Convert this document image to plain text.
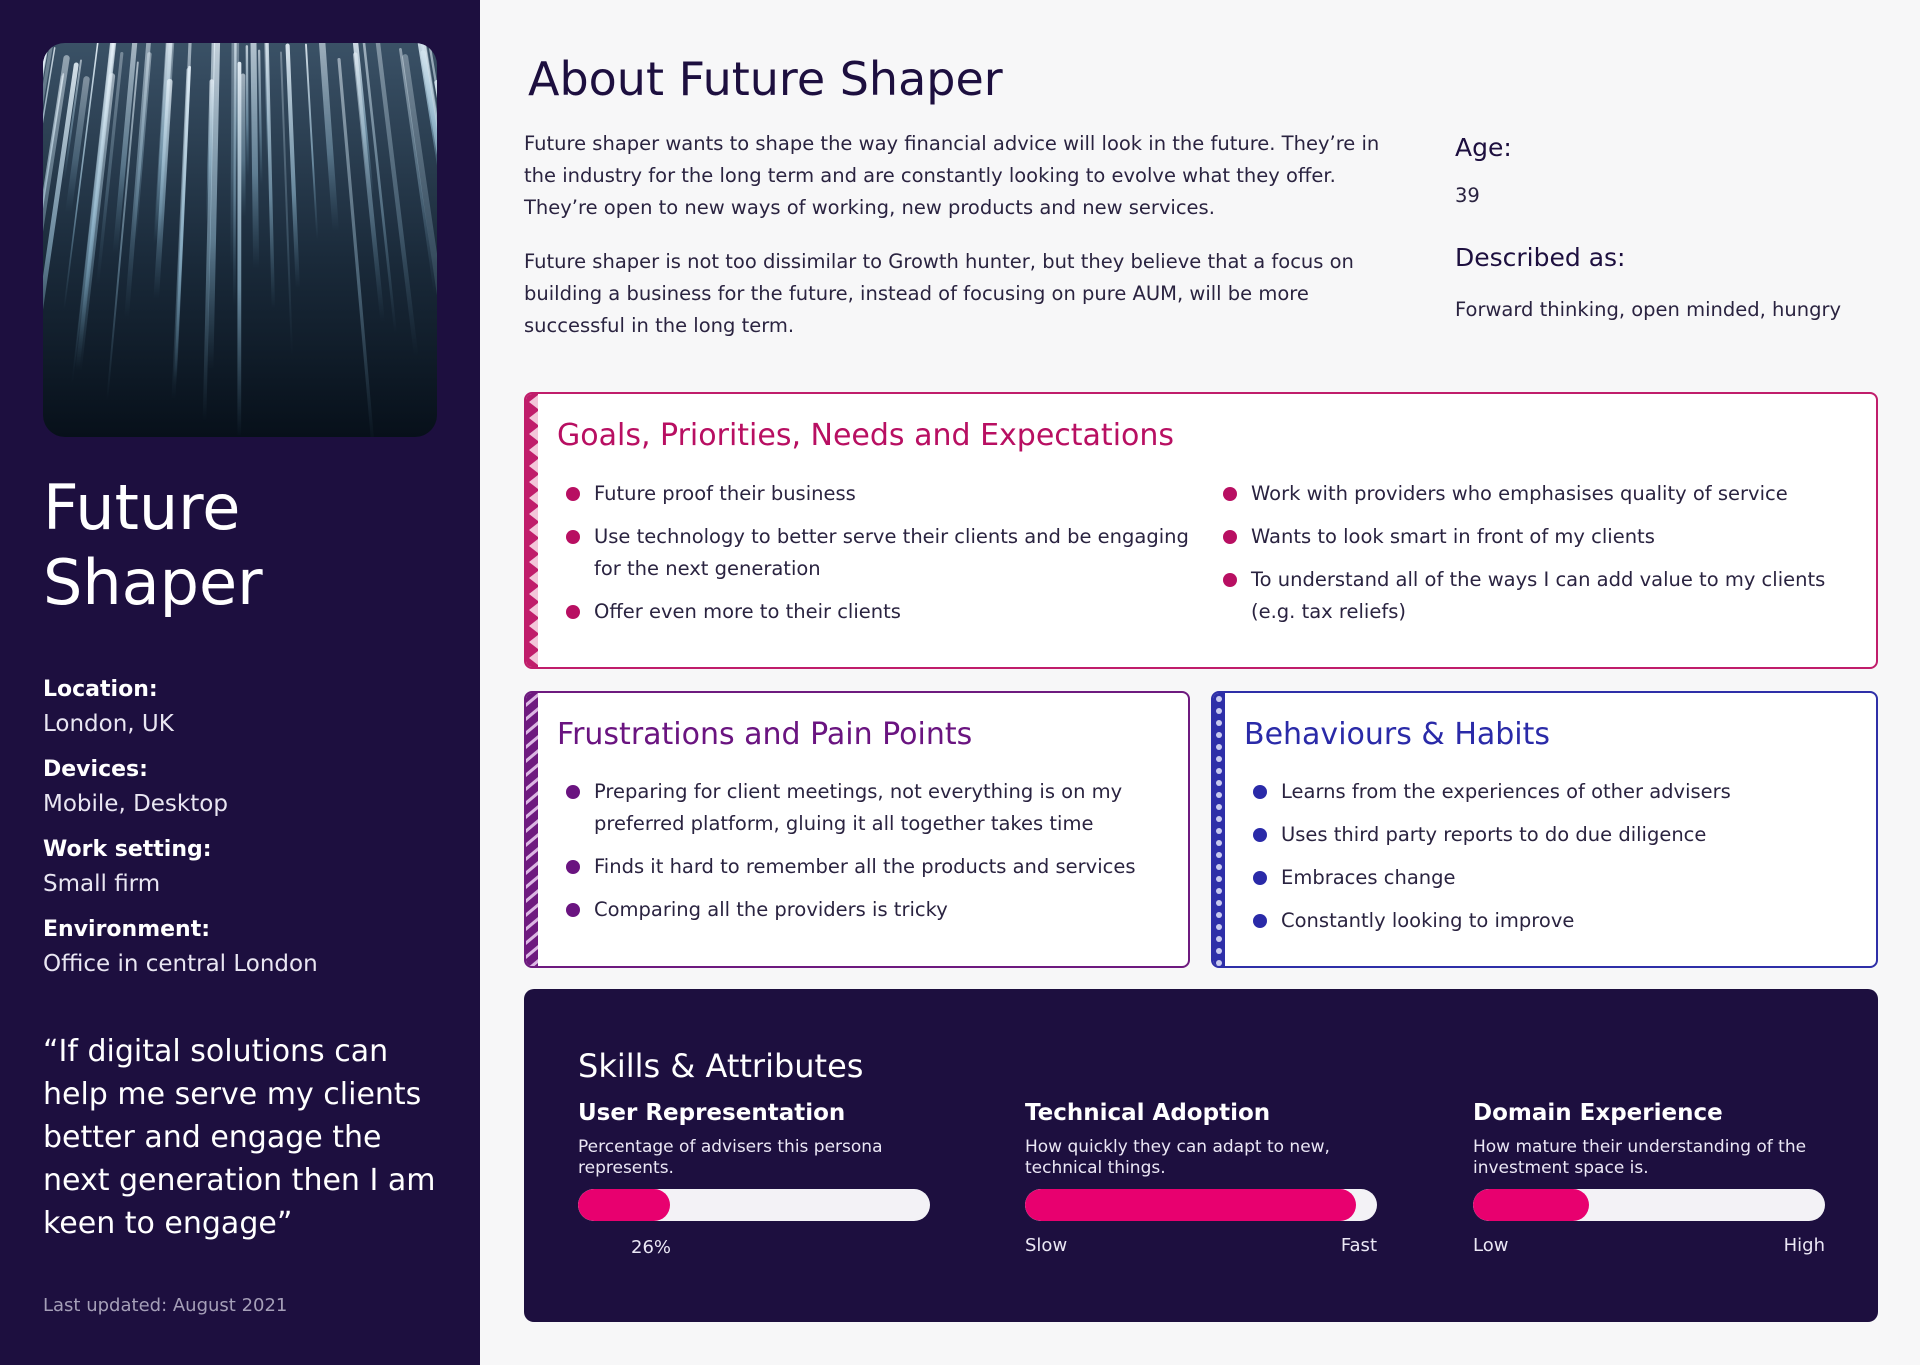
Future Shaper
Location:
London, UK
Devices:
Mobile, Desktop
Work setting:
Small firm
Environment:
Office in central London
“If digital solutions can help me serve my clients better and engage the next generation then I am keen to engage”
Last updated: August 2021
About Future Shaper

Future shaper wants to shape the way financial advice will look in the future. They’re in the industry for the long term and are constantly looking to evolve what they offer. They’re open to new ways of working, new products and new services.

Future shaper is not too dissimilar to Growth hunter, but they believe that a focus on building a business for the future, instead of focusing on pure AUM, will be more successful in the long term.

Age:
39
Described as:
Forward thinking, open minded, hungry
Goals, Priorities, Needs and Expectations
Future proof their business
Use technology to better serve their clients and be engaging for the next generation
Offer even more to their clients
Work with providers who emphasises quality of service
Wants to look smart in front of my clients
To understand all of the ways I can add value to my clients (e.g. tax reliefs)
Frustrations and Pain Points
Preparing for client meetings, not everything is on my preferred platform, gluing it all together takes time
Finds it hard to remember all the products and services
Comparing all the providers is tricky
Behaviours & Habits
Learns from the experiences of other advisers
Uses third party reports to do due diligence
Embraces change
Constantly looking to improve
Skills & Attributes
User Representation
Percentage of advisers this persona represents.
26%
Technical Adoption
How quickly they can adapt to new, technical things.
Slow	Fast
Domain Experience
How mature their understanding of the investment space is.
Low	High
